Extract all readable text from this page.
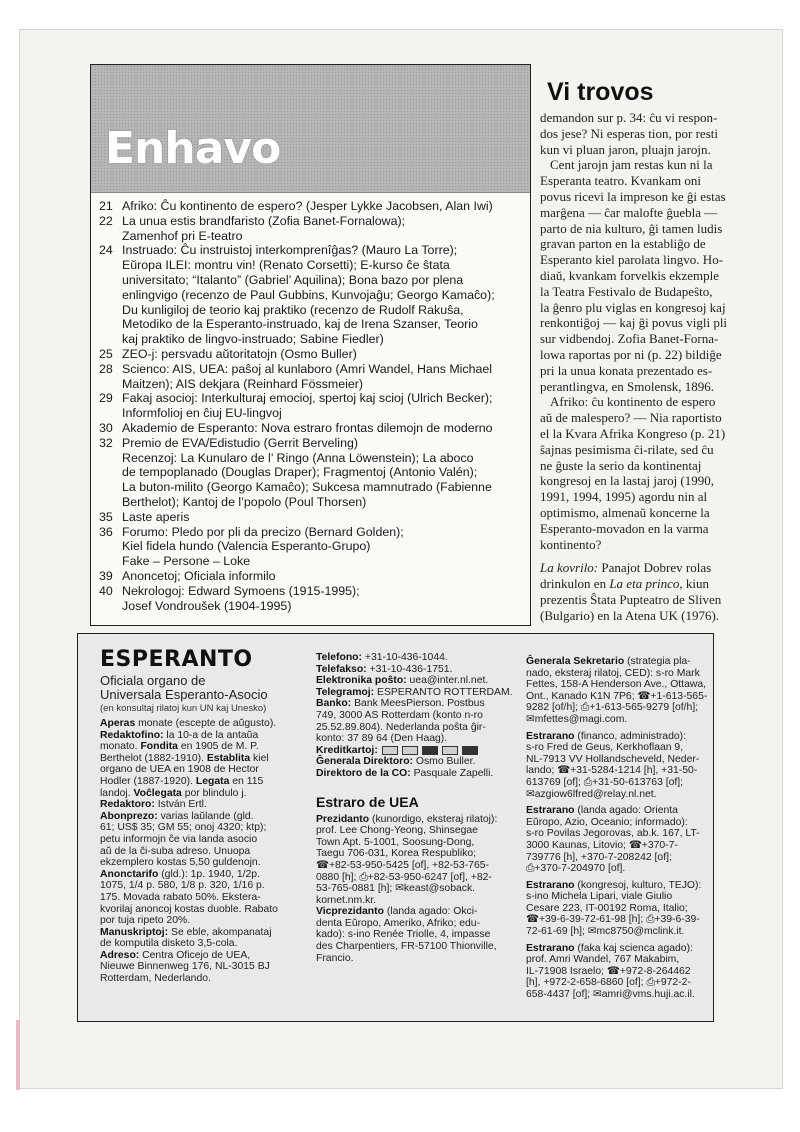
Enhavo
21 Afriko: Ĉu kontinento de espero? (Jesper Lykke Jacobsen, Alan Iwi)
22 La unua estis brandfaristo (Zofia Banet-Fornalowa);
Zamenhof pri E-teatro
24 Instruado: Ĉu instruistoj interkomprenîĝas? (Mauro La Torre);
Eŭropa ILEI: montru vin! (Renato Corsetti); E-kurso ĉe ŝtata
universitato; “Italanto” (Gabriel’ Aquilina); Bona bazo por plena
enlingvigo (recenzo de Paul Gubbins, Kunvojaĝu; Georgo Kamaĉo);
Du kunligiloj de teorio kaj praktiko (recenzo de Rudolf Rakuŝa,
Metodiko de la Esperanto-instruado, kaj de Irena Szanser, Teorio
kaj praktiko de lingvo-instruado; Sabine Fiedler)
25 ZEO-j: persvadu aŭtoritatojn (Osmo Buller)
28 Scienco: AIS, UEA: paŝoj al kunlaboro (Amri Wandel, Hans Michael
Maitzen); AIS dekjara (Reinhard Fössmeier)
29 Fakaj asocioj: Interkulturaj emocioj, spertoj kaj scioj (Ulrich Becker);
Informfolioj en ĉiuj EU-lingvoj
30 Akademio de Esperanto: Nova estraro frontas dilemojn de moderno
32 Premio de EVA/Edistudio (Gerrit Berveling)
Recenzoj: La Kunularo de l’ Ringo (Anna Löwenstein); La aboco
de tempoplanado (Douglas Draper); Fragmentoj (Antonio Valén);
La buton-milito (Georgo Kamaĉo); Sukcesa mamnutrado (Fabienne
Berthelot); Kantoj de l’popolo (Poul Thorsen)
35 Laste aperis
36 Forumo: Pledo por pli da precizo (Bernard Golden);
Kiel fidela hundo (Valencia Esperanto-Grupo)
Fake – Persone – Loke
39 Anoncetoj; Oficiala informilo
40 Nekrologoj: Edward Symoens (1915-1995);
Josef Vondroušek (1904-1995)
Vi trovos
demandon sur p. 34: ĉu vi respon-
dos jese? Ni esperas tion, por resti
kun vi pluan jaron, pluajn jarojn.
Cent jarojn jam restas kun ni la
Esperanta teatro. Kvankam oni
povus ricevi la impreson ke ĝi estas
marĝena — ĉar malofte ĝuebla —
parto de nia kulturo, ĝi tamen ludis
gravan parton en la establiĝo de
Esperanto kiel parolata lingvo. Ho-
diaŭ, kvankam forvelkis ekzemple
la Teatra Festivalo de Budapeŝto,
la ĝenro plu viglas en kongresoj kaj
renkontiĝoj — kaj ĝi povus vigli pli
sur vidbendoj. Zofia Banet-Forna-
lowa raportas por ni (p. 22) bildiĝe
pri la unua konata prezentado es-
perantlingva, en Smolensk, 1896.
Afriko: ĉu kontinento de espero
aŭ de malespero? — Nia raportisto
el la Kvara Afrika Kongreso (p. 21)
ŝajnas pesimisma ĉi-rilate, sed ĉu
ne ĝuste la serio da kontinentaj
kongresoj en la lastaj jaroj (1990,
1991, 1994, 1995) agordu nin al
optimismo, almenaŭ koncerne la
Esperanto-movadon en la varma
kontinento?
La kovrilo: Panajot Dobrev rolas
drinkulon en La eta princo, kiun
prezentis Ŝtata Pupteatro de Sliven
(Bulgario) en la Atena UK (1976).
ESPERANTO
Oficiala organo de
Universala Esperanto-Asocio
(en konsultaj rilatoj kun UN kaj Unesko)
Aperas monate (escepte de aŭgusto).
Redaktofino: la 10-a de la antaŭa
monato. Fondita en 1905 de M. P.
Berthelot (1882-1910). Establita kiel
organo de UEA en 1908 de Hector
Hodler (1887-1920). Legata en 115
landoj. Voĉlegata por blindulo j.
Redaktoro: István Ertl.
Abonprezo: varias laŭlande (gld.
61; US$ 35; GM 55; onoj 4320; ktp);
petu informojn ĉe via landa asocio
aŭ de la ĉi-suba adreso. Unuopa
ekzemplero kostas 5,50 guldenojn.
Anonctarifo (gld.): 1p. 1940, 1/2p.
1075, 1/4 p. 580, 1/8 p. 320, 1/16 p.
175. Movada rabato 50%. Ekstera-
kvorilaj anoncoj kostas duoble. Rabato
por tuja ripeto 20%.
Manuskriptoj: Se eble, akompanataj
de komputila disketo 3,5-cola.
Adreso: Centra Oficejo de UEA,
Nieuwe Binnenweg 176, NL-3015 BJ
Rotterdam, Nederlando.
Telefono: +31-10-436-1044.
Telefakso: +31-10-436-1751.
Elektronika poŝto: uea@inter.nl.net.
Telegramoj: ESPERANTO ROTTERDAM.
Banko: Bank MeesPierson. Postbus
749, 3000 AS Rotterdam (konto n-ro
25.52.89.804). Nederlanda poŝta ĝir-
konto: 37 89 64 (Den Haag).
Kreditkartoj:
Ĝenerala Direktoro: Osmo Buller.
Direktoro de la CO: Pasquale Zapelli.
Estraro de UEA
Prezidanto (kunordigo, eksteraj rilatoj):
prof. Lee Chong-Yeong, Shinsegae
Town Apt. 5-1001, Soosung-Dong,
Taegu 706-031, Korea Respubliko;
☎+82-53-950-5425 [of], +82-53-765-
0880 [h]; ⎙+82-53-950-6247 [of], +82-
53-765-0881 [h]; ✉keast@soback.
kornet.nm.kr.
Vicprezidanto (landa agado: Okci-
denta Eŭropo, Ameriko, Afriko; edu-
kado): s-ino Renée Triolle, 4, impasse
des Charpentiers, FR-57100 Thionville,
Francio.
Ĝenerala Sekretario (strategia pla-
nado, eksteraj rilatoj, CED): s-ro Mark
Fettes, 158-A Henderson Ave., Ottawa,
Ont., Kanado K1N 7P6; ☎+1-613-565-
9282 [of/h]; ⎙+1-613-565-9279 [of/h];
✉mfettes@magi.com.
Estrarano (financo, administrado):
s-ro Fred de Geus, Kerkhoflaan 9,
NL-7913 VV Hollandscheveld, Neder-
lando; ☎+31-5284-1214 [h], +31-50-
613769 [of]; ⎙+31-50-613763 [of];
✉azgiow6lfred@relay.nl.net.
Estrarano (landa agado: Orienta
Eŭropo, Azio, Oceanio; informado):
s-ro Povilas Jegorovas, ab.k. 167, LT-
3000 Kaunas, Litovio; ☎+370-7-
739776 [h], +370-7-208242 [of];
⎙+370-7-204970 [of].
Estrarano (kongresoj, kulturo, TEJO):
s-ino Michela Lipari, viale Giulio
Cesare 223, IT-00192 Roma, Italio;
☎+39-6-39-72-61-98 [h]; ⎙+39-6-39-
72-61-69 [h]; ✉mc8750@mclink.it.
Estrarano (faka kaj scienca agado):
prof. Amri Wandel, 767 Makabim,
IL-71908 Israelo; ☎+972-8-264462
[h], +972-2-658-6860 [of]; ⎙+972-2-
658-4437 [of]; ✉amri@vms.huji.ac.il.
